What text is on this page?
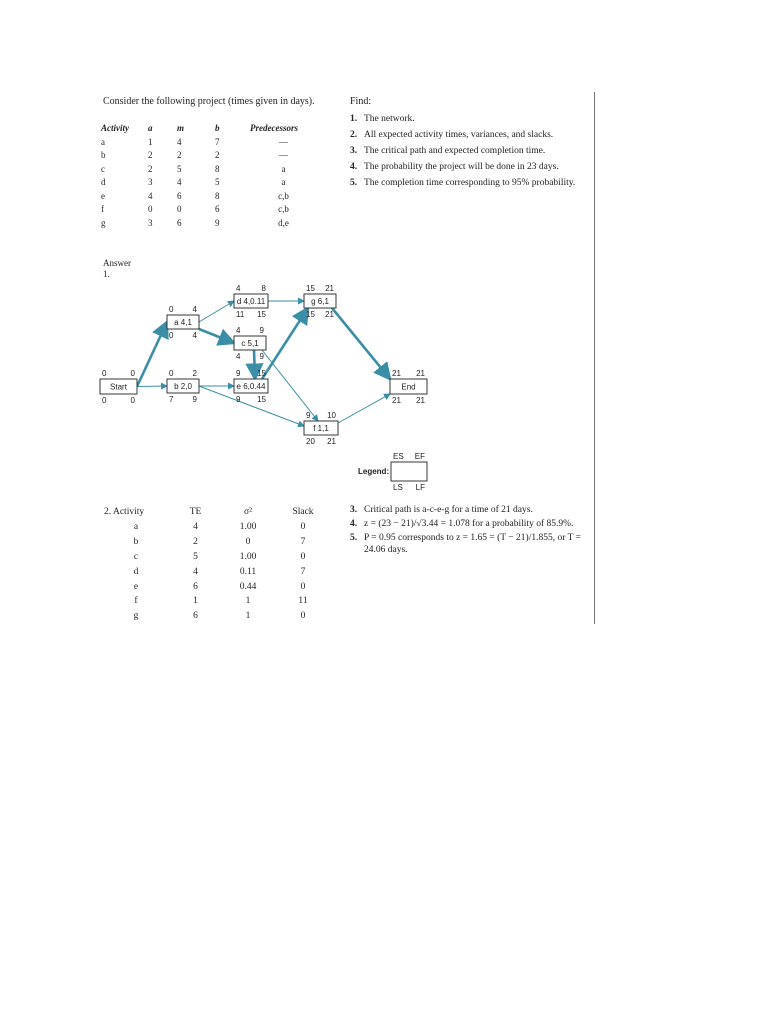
Consider the following project (times given in days).
Activity	a	m	b	Predecessors
a	1	4	7	—
b	2	2	2	—
c	2	5	8	a
d	3	4	5	a
e	4	6	8	c,b
f	0	0	6	c,b
g	3	6	9	d,e
Find:
1. The network.
2. All expected activity times, variances, and slacks.
3. The critical path and expected completion time.
4. The probability the project will be done in 23 days.
5. The completion time corresponding to 95% probability.
Answer
1.
Start
0	0
0	0
a 4,1
0 4
0 4
b 2,0
0 2
7 9
c 5,1
4 9
4 9
d 4,0.11
4	8
11 15
e 6,0.44
9 15
9 15
g 6,1
15 21
15 21
f 1,1
9 10
20 21
End
21 21
21 21
Legend:
ES EF
LS LF
2. Activity	TE	σ²	Slack
a	4	1.00	0
b	2	0	7
c	5	1.00	0
d	4	0.11	7
e	6	0.44	0
f	1	1	11
g	6	1	0
3. Critical path is a-c-e-g for a time of 21 days.
4. z = (23 − 21)/√3.44 = 1.078 for a probability of 85.9%.
5. P = 0.95 corresponds to z = 1.65 = (T − 21)/1.855, or T = 24.06 days.
